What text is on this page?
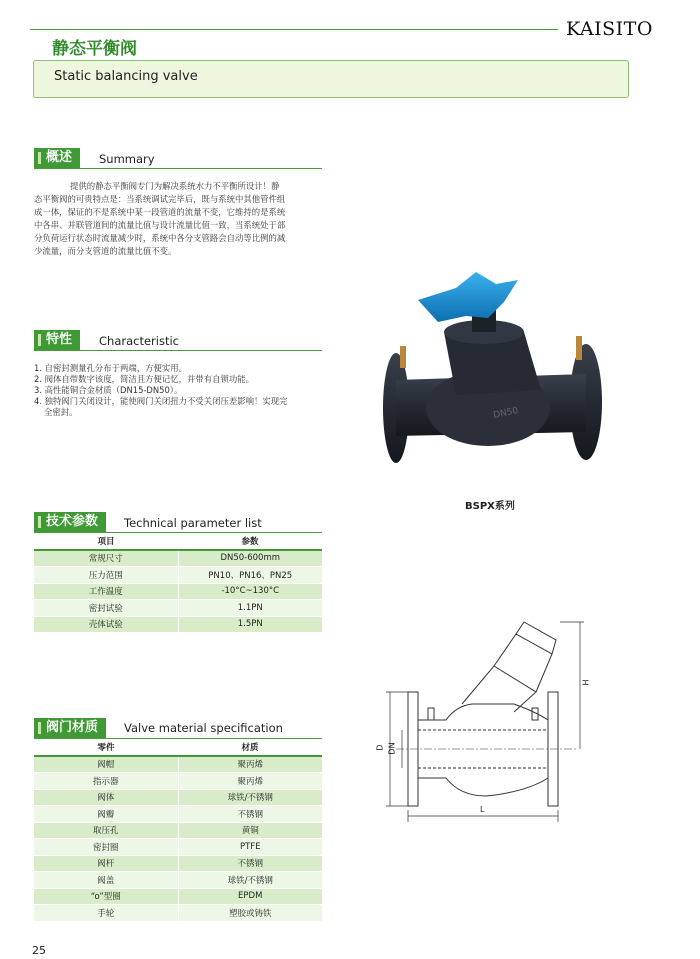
KAISITO
静态平衡阀
Static balancing valve
概述	Summary
提供的静态平衡阀专门为解决系统水力不平衡所设计！静
态平衡阀的可贵特点是：当系统调试完毕后，既与系统中其他管件组
成一体，保证的不是系统中某一段管道的流量不变，它维持的是系统
中各串、并联管道间的流量比值与设计流量比值一致，当系统处于部
分负荷运行状态时流量减少时，系统中各分支管路会自动等比例的减
少流量，而分支管道的流量比值不变。
特性	Characteristic
1. 自密封测量孔分布于两端，方便实用。
2. 阀体自带数字该度，简洁且方便记忆，并带有自锁功能。
3. 高性能铜合金材质（DN15-DN50）。
4. 独特阀门关闭设计，能使阀门关闭扭力不受关闭压差影响！实现完
全密封。	DN50
BSPX系列
技术参数	Technical parameter list
项目	参数
常规尺寸	DN50-600mm
压力范围	PN10、PN16、PN25
工作温度	-10°C~130°C
密封试验	1.1PN
壳体试验	1.5PN
阀门材质	Valve material specification
零件	材质
阀帽	聚丙烯
指示器	聚丙烯
阀体	球铁/不锈钢
阀瓣	不锈钢
取压孔	黄铜
密封圈	PTFE
阀杆	不锈钢
阀盖	球铁/不锈钢
“o”型圈	EPDM
手轮	塑胶或铸铁
D DN
L
H
25
